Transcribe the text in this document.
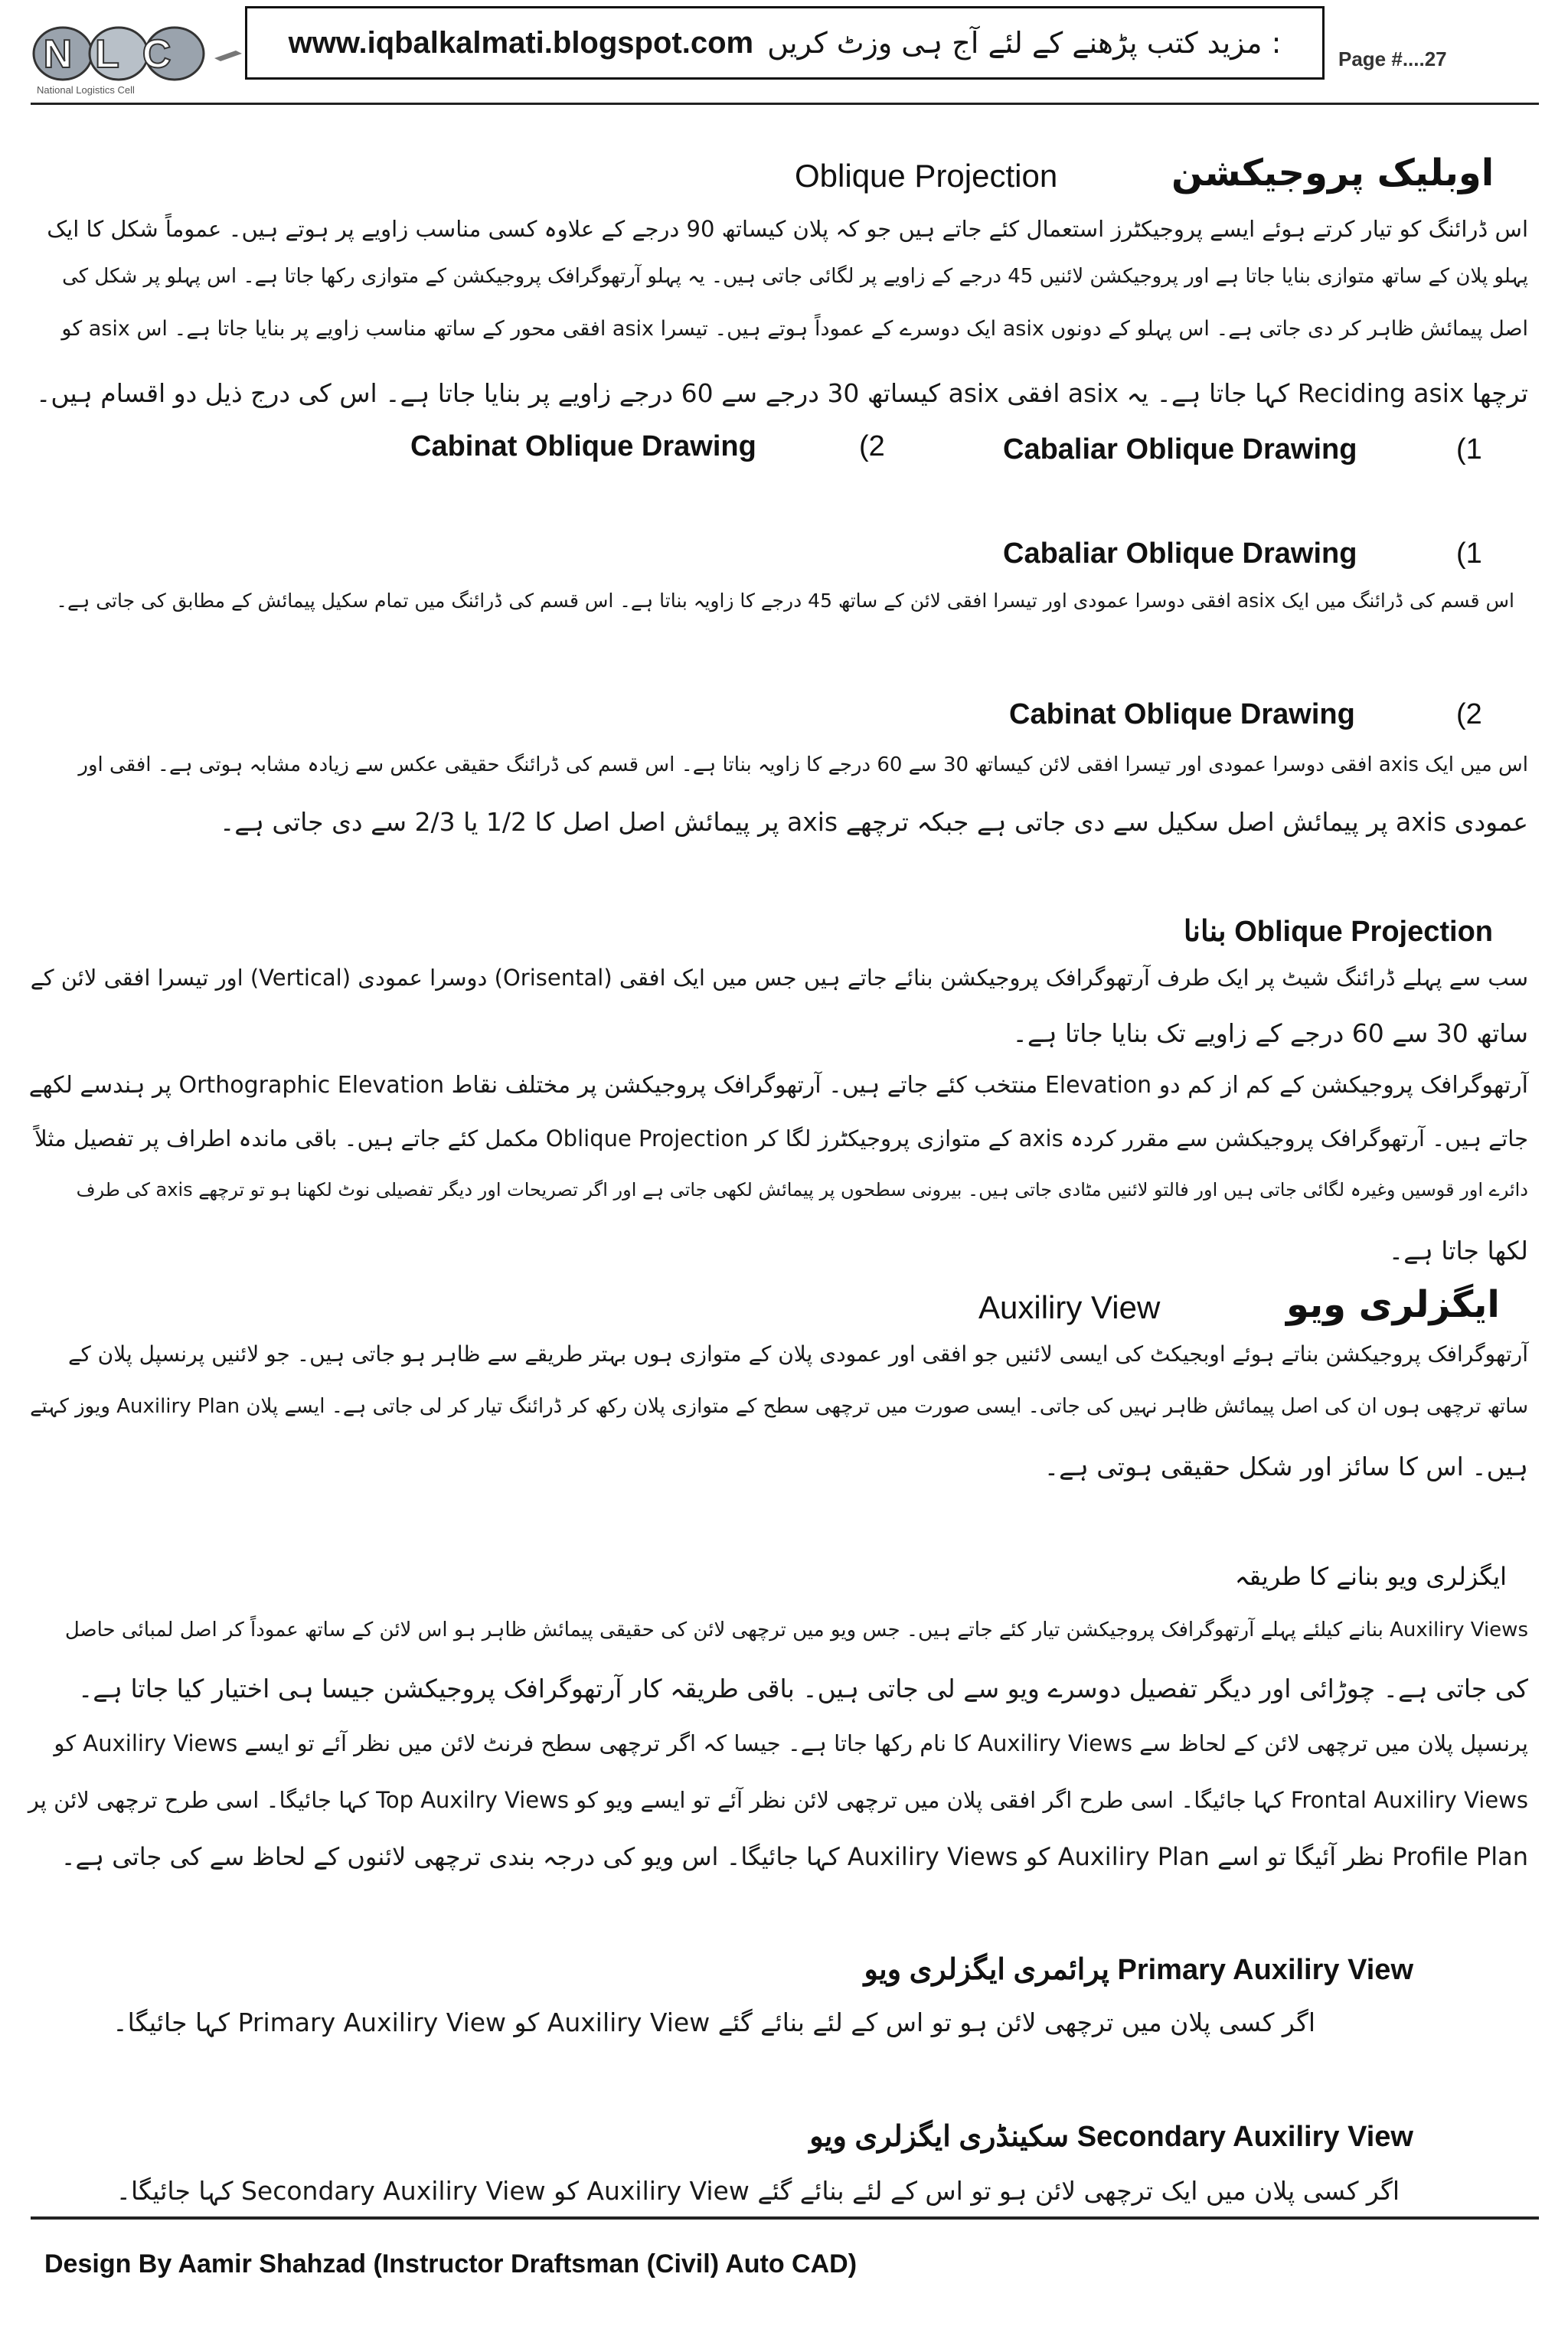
NLC
National Logistics Cell
www.iqbalkalmati.blogspot.com : مزید کتب پڑھنے کے لئے آج ہی وزٹ کریں	Page #....27
اوبلیک پروجیکشن
Oblique Projection
اس ڈرائنگ کو تیار کرتے ہوئے ایسے پروجیکٹرز استعمال کئے جاتے ہیں جو کہ پلان کیساتھ 90 درجے کے علاوہ کسی مناسب زاویے پر ہوتے ہیں۔ عموماً شکل کا ایک
پہلو پلان کے ساتھ متوازی بنایا جاتا ہے اور پروجیکشن لائنیں 45 درجے کے زاویے پر لگائی جاتی ہیں۔ یہ پہلو آرتھوگرافک پروجیکشن کے متوازی رکھا جاتا ہے۔ اس پہلو پر شکل کی
اصل پیمائش ظاہر کر دی جاتی ہے۔ اس پہلو کے دونوں asix ایک دوسرے کے عموداً ہوتے ہیں۔ تیسرا asix افقی محور کے ساتھ مناسب زاویے پر بنایا جاتا ہے۔ اس asix کو
ترچھا Reciding asix کہا جاتا ہے۔ یہ asix افقی asix کیساتھ 30 درجے سے 60 درجے زاویے پر بنایا جاتا ہے۔ اس کی درج ذیل دو اقسام ہیں۔
(1
Cabaliar Oblique Drawing
(2
Cabinat Oblique Drawing
(1
Cabaliar Oblique Drawing
اس قسم کی ڈرائنگ میں ایک asix افقی دوسرا عمودی اور تیسرا افقی لائن کے ساتھ 45 درجے کا زاویہ بناتا ہے۔ اس قسم کی ڈرائنگ میں تمام سکیل پیمائش کے مطابق کی جاتی ہے۔
(2
Cabinat Oblique Drawing
اس میں ایک axis افقی دوسرا عمودی اور تیسرا افقی لائن کیساتھ 30 سے 60 درجے کا زاویہ بناتا ہے۔ اس قسم کی ڈرائنگ حقیقی عکس سے زیادہ مشابہ ہوتی ہے۔ افقی اور
عمودی axis پر پیمائش اصل سکیل سے دی جاتی ہے جبکہ ترچھے axis پر پیمائش اصل اصل کا 1/2 یا 2/3 سے دی جاتی ہے۔
Oblique Projection بنانا
سب سے پہلے ڈرائنگ شیٹ پر ایک طرف آرتھوگرافک پروجیکشن بنائے جاتے ہیں جس میں ایک افقی (Orisental) دوسرا عمودی (Vertical) اور تیسرا افقی لائن کے
ساتھ 30 سے 60 درجے کے زاویے تک بنایا جاتا ہے۔
آرتھوگرافک پروجیکشن کے کم از کم دو Elevation منتخب کئے جاتے ہیں۔ آرتھوگرافک پروجیکشن پر مختلف نقاط Orthographic Elevation پر ہندسے لکھے
جاتے ہیں۔ آرتھوگرافک پروجیکشن سے مقرر کردہ axis کے متوازی پروجیکٹرز لگا کر Oblique Projection مکمل کئے جاتے ہیں۔ باقی ماندہ اطراف پر تفصیل مثلاً
دائرے اور قوسیں وغیرہ لگائی جاتی ہیں اور فالتو لائنیں مٹادی جاتی ہیں۔ بیرونی سطحوں پر پیمائش لکھی جاتی ہے اور اگر تصریحات اور دیگر تفصیلی نوٹ لکھنا ہو تو ترچھے axis کی طرف
لکھا جاتا ہے۔
ایگزلری ویو
Auxiliry View
آرتھوگرافک پروجیکشن بناتے ہوئے اوبجیکٹ کی ایسی لائنیں جو افقی اور عمودی پلان کے متوازی ہوں بہتر طریقے سے ظاہر ہو جاتی ہیں۔ جو لائنیں پرنسپل پلان کے
ساتھ ترچھی ہوں ان کی اصل پیمائش ظاہر نہیں کی جاتی۔ ایسی صورت میں ترچھی سطح کے متوازی پلان رکھ کر ڈرائنگ تیار کر لی جاتی ہے۔ ایسے پلان Auxiliry Plan ویوز کہتے
ہیں۔ اس کا سائز اور شکل حقیقی ہوتی ہے۔
ایگزلری ویو بنانے کا طریقہ
Auxiliry Views بنانے کیلئے پہلے آرتھوگرافک پروجیکشن تیار کئے جاتے ہیں۔ جس ویو میں ترچھی لائن کی حقیقی پیمائش ظاہر ہو اس لائن کے ساتھ عموداً کر اصل لمبائی حاصل
کی جاتی ہے۔ چوڑائی اور دیگر تفصیل دوسرے ویو سے لی جاتی ہیں۔ باقی طریقہ کار آرتھوگرافک پروجیکشن جیسا ہی اختیار کیا جاتا ہے۔
پرنسپل پلان میں ترچھی لائن کے لحاظ سے Auxiliry Views کا نام رکھا جاتا ہے۔ جیسا کہ اگر ترچھی سطح فرنٹ لائن میں نظر آئے تو ایسے Auxiliry Views کو
Frontal Auxiliry Views کہا جائیگا۔ اسی طرح اگر افقی پلان میں ترچھی لائن نظر آئے تو ایسے ویو کو Top Auxilry Views کہا جائیگا۔ اسی طرح ترچھی لائن پر
Profile Plan نظر آئیگا تو اسے Auxiliry Plan کو Auxiliry Views کہا جائیگا۔ اس ویو کی درجہ بندی ترچھی لائنوں کے لحاظ سے کی جاتی ہے۔
Primary Auxiliry View پرائمری ایگزلری ویو
اگر کسی پلان میں ترچھی لائن ہو تو اس کے لئے بنائے گئے Auxiliry View کو Primary Auxiliry View کہا جائیگا۔
Secondary Auxiliry View سکینڈری ایگزلری ویو
اگر کسی پلان میں ایک ترچھی لائن ہو تو اس کے لئے بنائے گئے Auxiliry View کو Secondary Auxiliry View کہا جائیگا۔
Design By Aamir Shahzad (Instructor Draftsman (Civil) Auto CAD)
